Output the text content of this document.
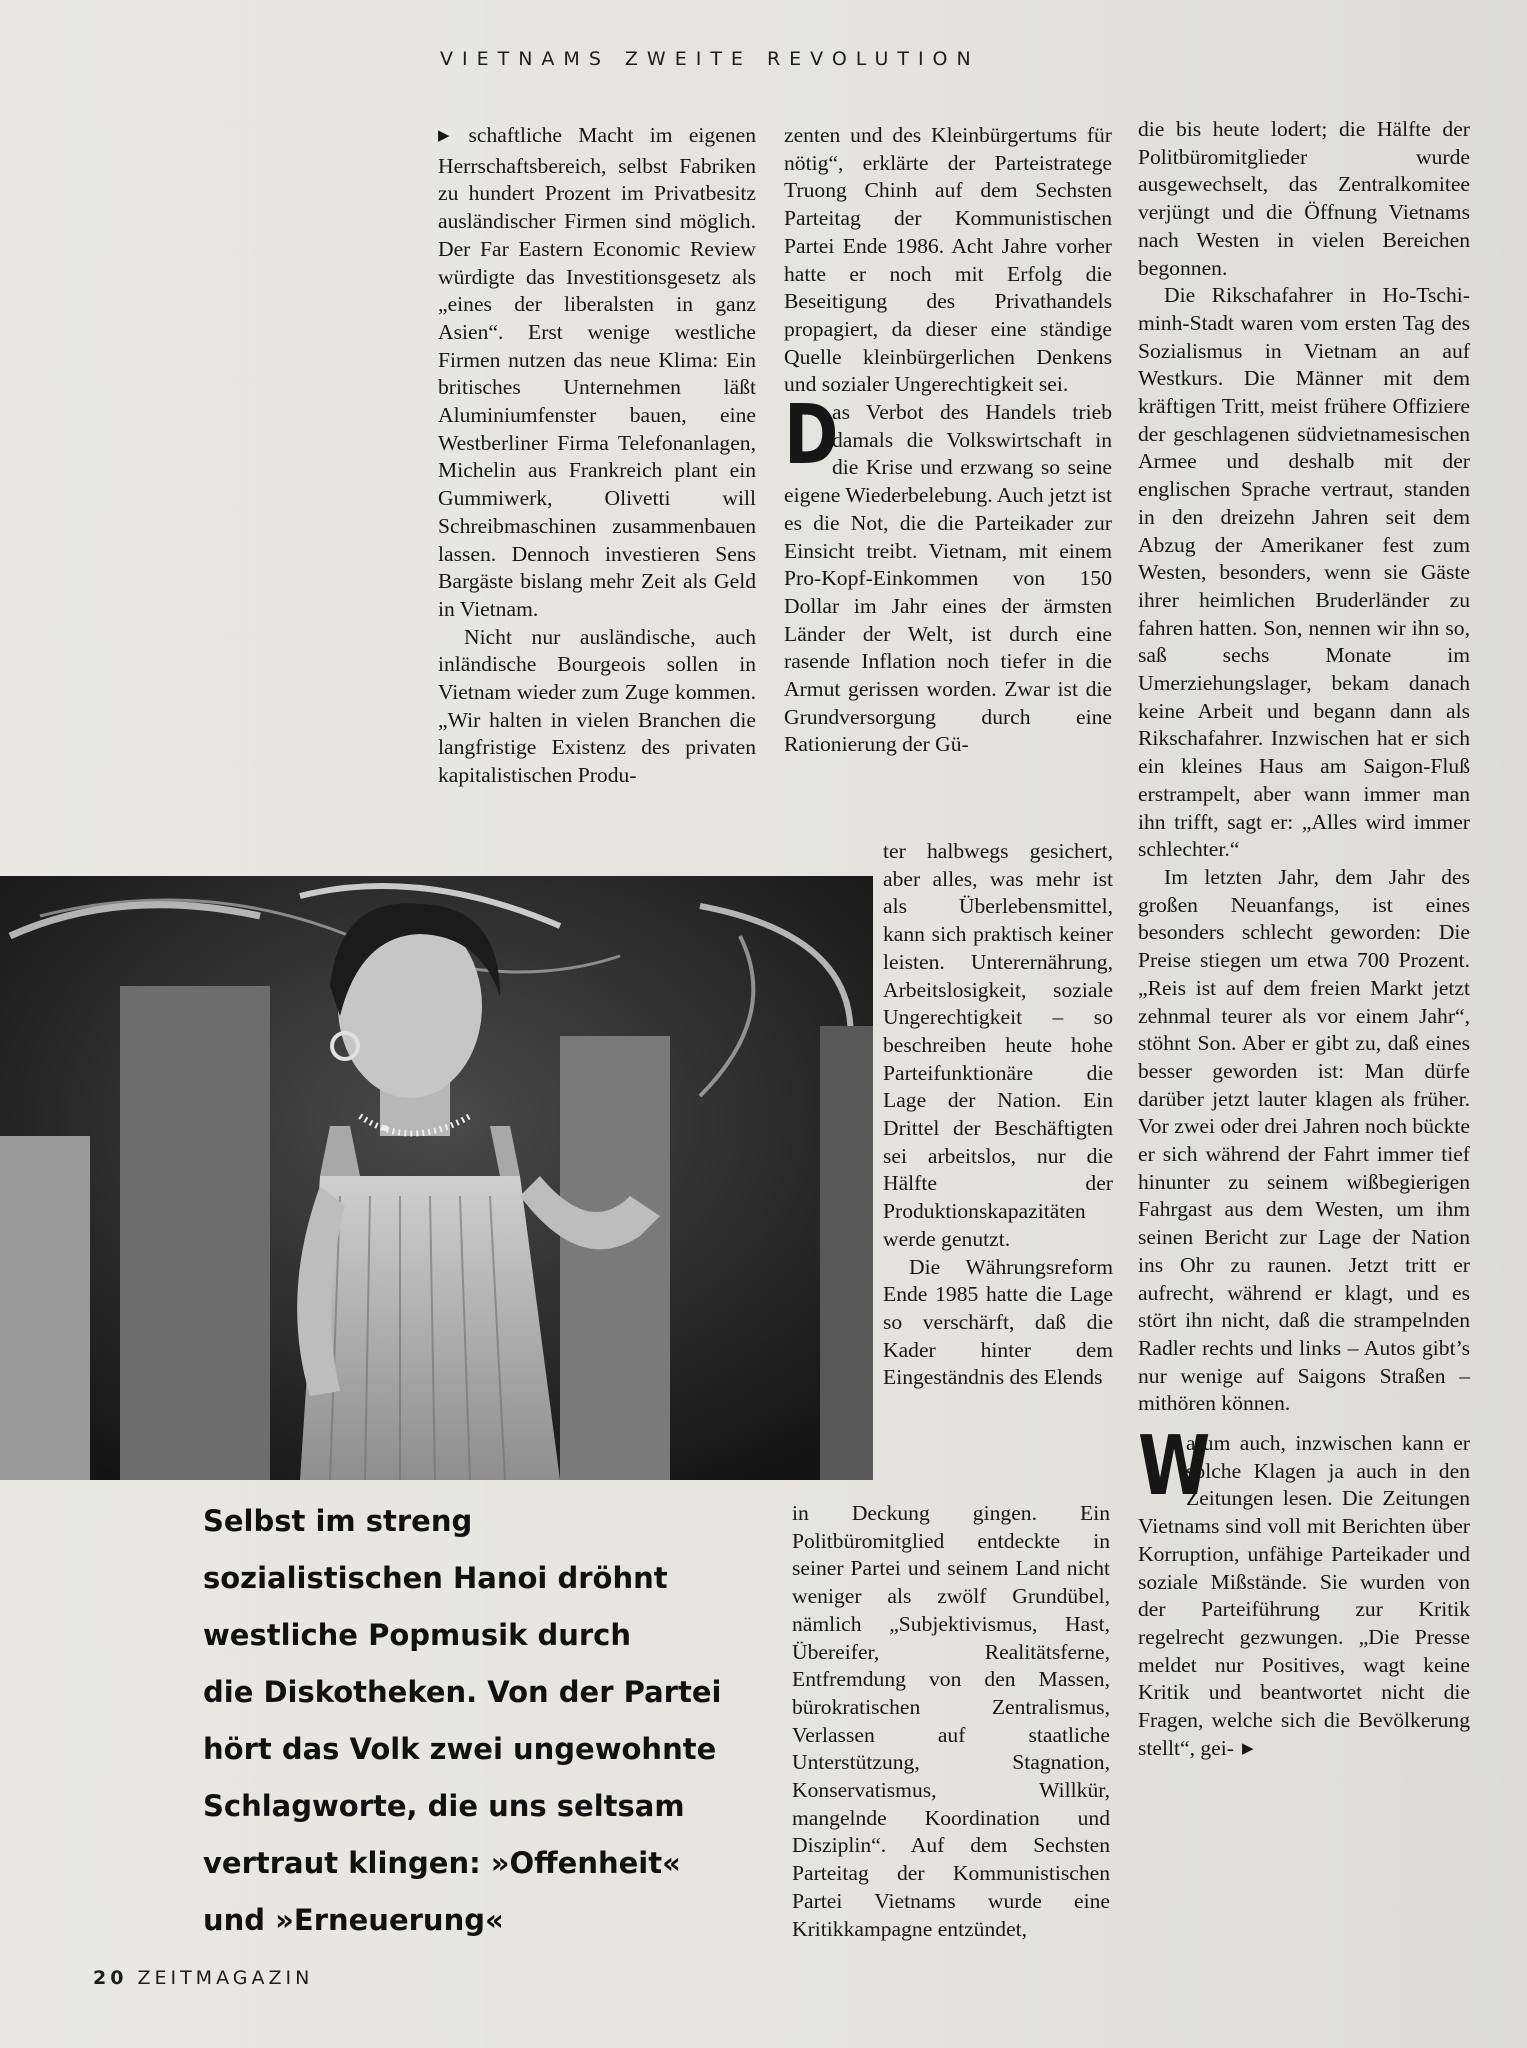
VIETNAMS ZWEITE REVOLUTION

▶ schaftliche Macht im eigenen Herrschaftsbereich, selbst Fabriken zu hundert Prozent im Privatbesitz ausländischer Firmen sind möglich. Der Far Eastern Economic Review würdigte das Investitionsgesetz als „eines der liberalsten in ganz Asien“. Erst wenige westliche Firmen nutzen das neue Klima: Ein britisches Unternehmen läßt Aluminiumfenster bauen, eine Westberliner Firma Telefonanlagen, Michelin aus Frankreich plant ein Gummiwerk, Olivetti will Schreibmaschinen zusammenbauen lassen. Dennoch investieren Sens Bargäste bislang mehr Zeit als Geld in Vietnam.

Nicht nur ausländische, auch inländische Bourgeois sollen in Vietnam wieder zum Zuge kommen. „Wir halten in vielen Branchen die langfristige Existenz des privaten kapitalistischen Produ-

zenten und des Kleinbürgertums für nötig“, erklärte der Parteistratege Truong Chinh auf dem Sechsten Parteitag der Kommunistischen Partei Ende 1986. Acht Jahre vorher hatte er noch mit Erfolg die Beseitigung des Privathandels propagiert, da dieser eine ständige Quelle kleinbürgerlichen Denkens und sozialer Ungerechtigkeit sei.

D
as Verbot des Handels trieb damals die Volkswirtschaft in die Krise und erzwang so seine eigene Wiederbelebung. Auch jetzt ist es die Not, die die Parteikader zur Einsicht treibt. Vietnam, mit einem Pro-Kopf-Einkommen von 150 Dollar im Jahr eines der ärmsten Länder der Welt, ist durch eine rasende Inflation noch tiefer in die Armut gerissen worden. Zwar ist die Grundversorgung durch eine Rationierung der Gü-

ter halbwegs gesichert, aber alles, was mehr ist als Überlebensmittel, kann sich praktisch keiner leisten. Unterernährung, Arbeitslosigkeit, soziale Ungerechtigkeit – so beschreiben heute hohe Parteifunktionäre die Lage der Nation. Ein Drittel der Beschäftigten sei arbeitslos, nur die Hälfte der Produktionskapazitäten werde genutzt.

Die Währungsreform Ende 1985 hatte die Lage so verschärft, daß die Kader hinter dem Eingeständnis des Elends

in Deckung gingen. Ein Politbüromitglied entdeckte in seiner Partei und seinem Land nicht weniger als zwölf Grundübel, nämlich „Subjektivismus, Hast, Übereifer, Realitätsferne, Entfremdung von den Massen, bürokratischen Zentralismus, Verlassen auf staatliche Unterstützung, Stagnation, Konservatismus, Willkür, mangelnde Koordination und Disziplin“. Auf dem Sechsten Parteitag der Kommunistischen Partei Vietnams wurde eine Kritikkampagne entzündet,

die bis heute lodert; die Hälfte der Politbüromitglieder wurde ausgewechselt, das Zentralkomitee verjüngt und die Öffnung Vietnams nach Westen in vielen Bereichen begonnen.

Die Rikschafahrer in Ho-Tschi-minh-Stadt waren vom ersten Tag des Sozialismus in Vietnam an auf Westkurs. Die Männer mit dem kräftigen Tritt, meist frühere Offiziere der geschlagenen südvietnamesischen Armee und deshalb mit der englischen Sprache vertraut, standen in den dreizehn Jahren seit dem Abzug der Amerikaner fest zum Westen, besonders, wenn sie Gäste ihrer heimlichen Bruderländer zu fahren hatten. Son, nennen wir ihn so, saß sechs Monate im Umerziehungslager, bekam danach keine Arbeit und begann dann als Rikschafahrer. Inzwischen hat er sich ein kleines Haus am Saigon-Fluß erstrampelt, aber wann immer man ihn trifft, sagt er: „Alles wird immer schlechter.“

Im letzten Jahr, dem Jahr des großen Neuanfangs, ist eines besonders schlecht geworden: Die Preise stiegen um etwa 700 Prozent. „Reis ist auf dem freien Markt jetzt zehnmal teurer als vor einem Jahr“, stöhnt Son. Aber er gibt zu, daß eines besser geworden ist: Man dürfe darüber jetzt lauter klagen als früher. Vor zwei oder drei Jahren noch bückte er sich während der Fahrt immer tief hinunter zu seinem wißbegierigen Fahrgast aus dem Westen, um ihm seinen Bericht zur Lage der Nation ins Ohr zu raunen. Jetzt tritt er aufrecht, während er klagt, und es stört ihn nicht, daß die strampelnden Radler rechts und links – Autos gibt’s nur wenige auf Saigons Straßen – mithören können.

W
arum auch, inzwischen kann er solche Klagen ja auch in den Zeitungen lesen. Die Zeitungen Vietnams sind voll mit Berichten über Korruption, unfähige Parteikader und soziale Mißstände. Sie wurden von der Parteiführung zur Kritik regelrecht gezwungen. „Die Presse meldet nur Positives, wagt keine Kritik und beantwortet nicht die Fragen, welche sich die Bevölkerung stellt“, gei- ▶

Selbst im streng
sozialistischen Hanoi dröhnt
westliche Popmusik durch
die Diskotheken. Von der Partei
hört das Volk zwei ungewohnte
Schlagworte, die uns seltsam
vertraut klingen: »Offenheit«
und »Erneuerung«
20 ZEITMAGAZIN
